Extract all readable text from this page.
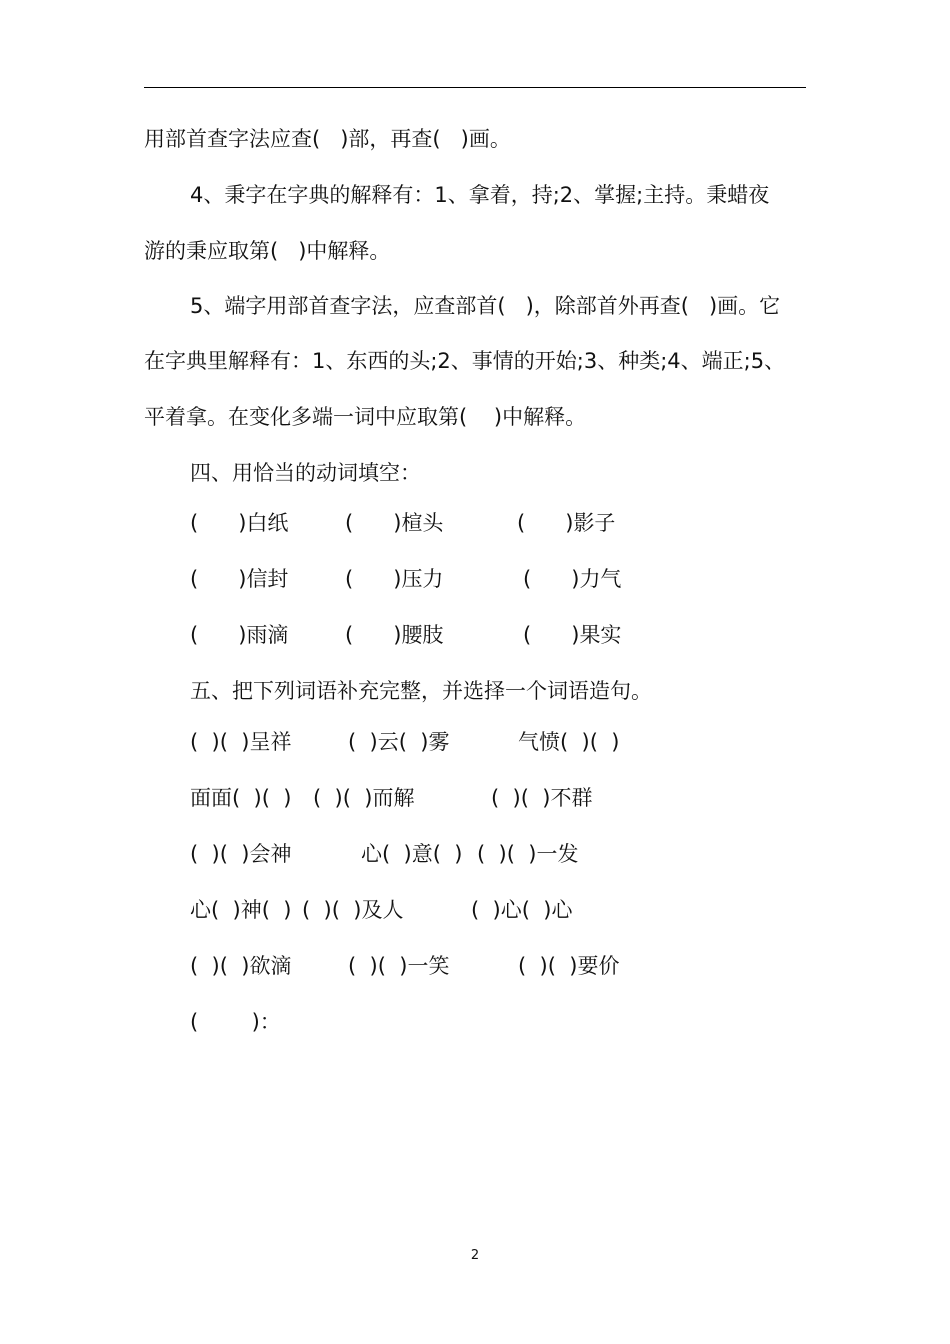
用部首查字法应查(   )部，再查(   )画。
4、秉字在字典的解释有：1、拿着，持;2、掌握;主持。秉蜡夜
游的秉应取第(   )中解释。
5、端字用部首查字法，应查部首(   )，除部首外再查(   )画。它
在字典里解释有：1、东西的头;2、事情的开始;3、种类;4、端正;5、
平着拿。在变化多端一词中应取第(    )中解释。
四、用恰当的动词填空：
(      )白纸	(      )楦头	(      )影子
(      )信封	(      )压力	(      )力气
(      )雨滴	(      )腰肢	(      )果实
五、把下列词语补充完整，并选择一个词语造句。
(  )(  )呈祥	(  )云(  )雾	气愤(  )(  )
面面(  )(  ) (  )(  )而解	(  )(  )不群
(  )(  )会神	心(  )意(  ) (  )(  )一发
心(  )神(  ) (  )(  )及人	(  )心(  )心
(  )(  )欲滴	(  )(  )一笑	(  )(  )要价
(        )：
2
